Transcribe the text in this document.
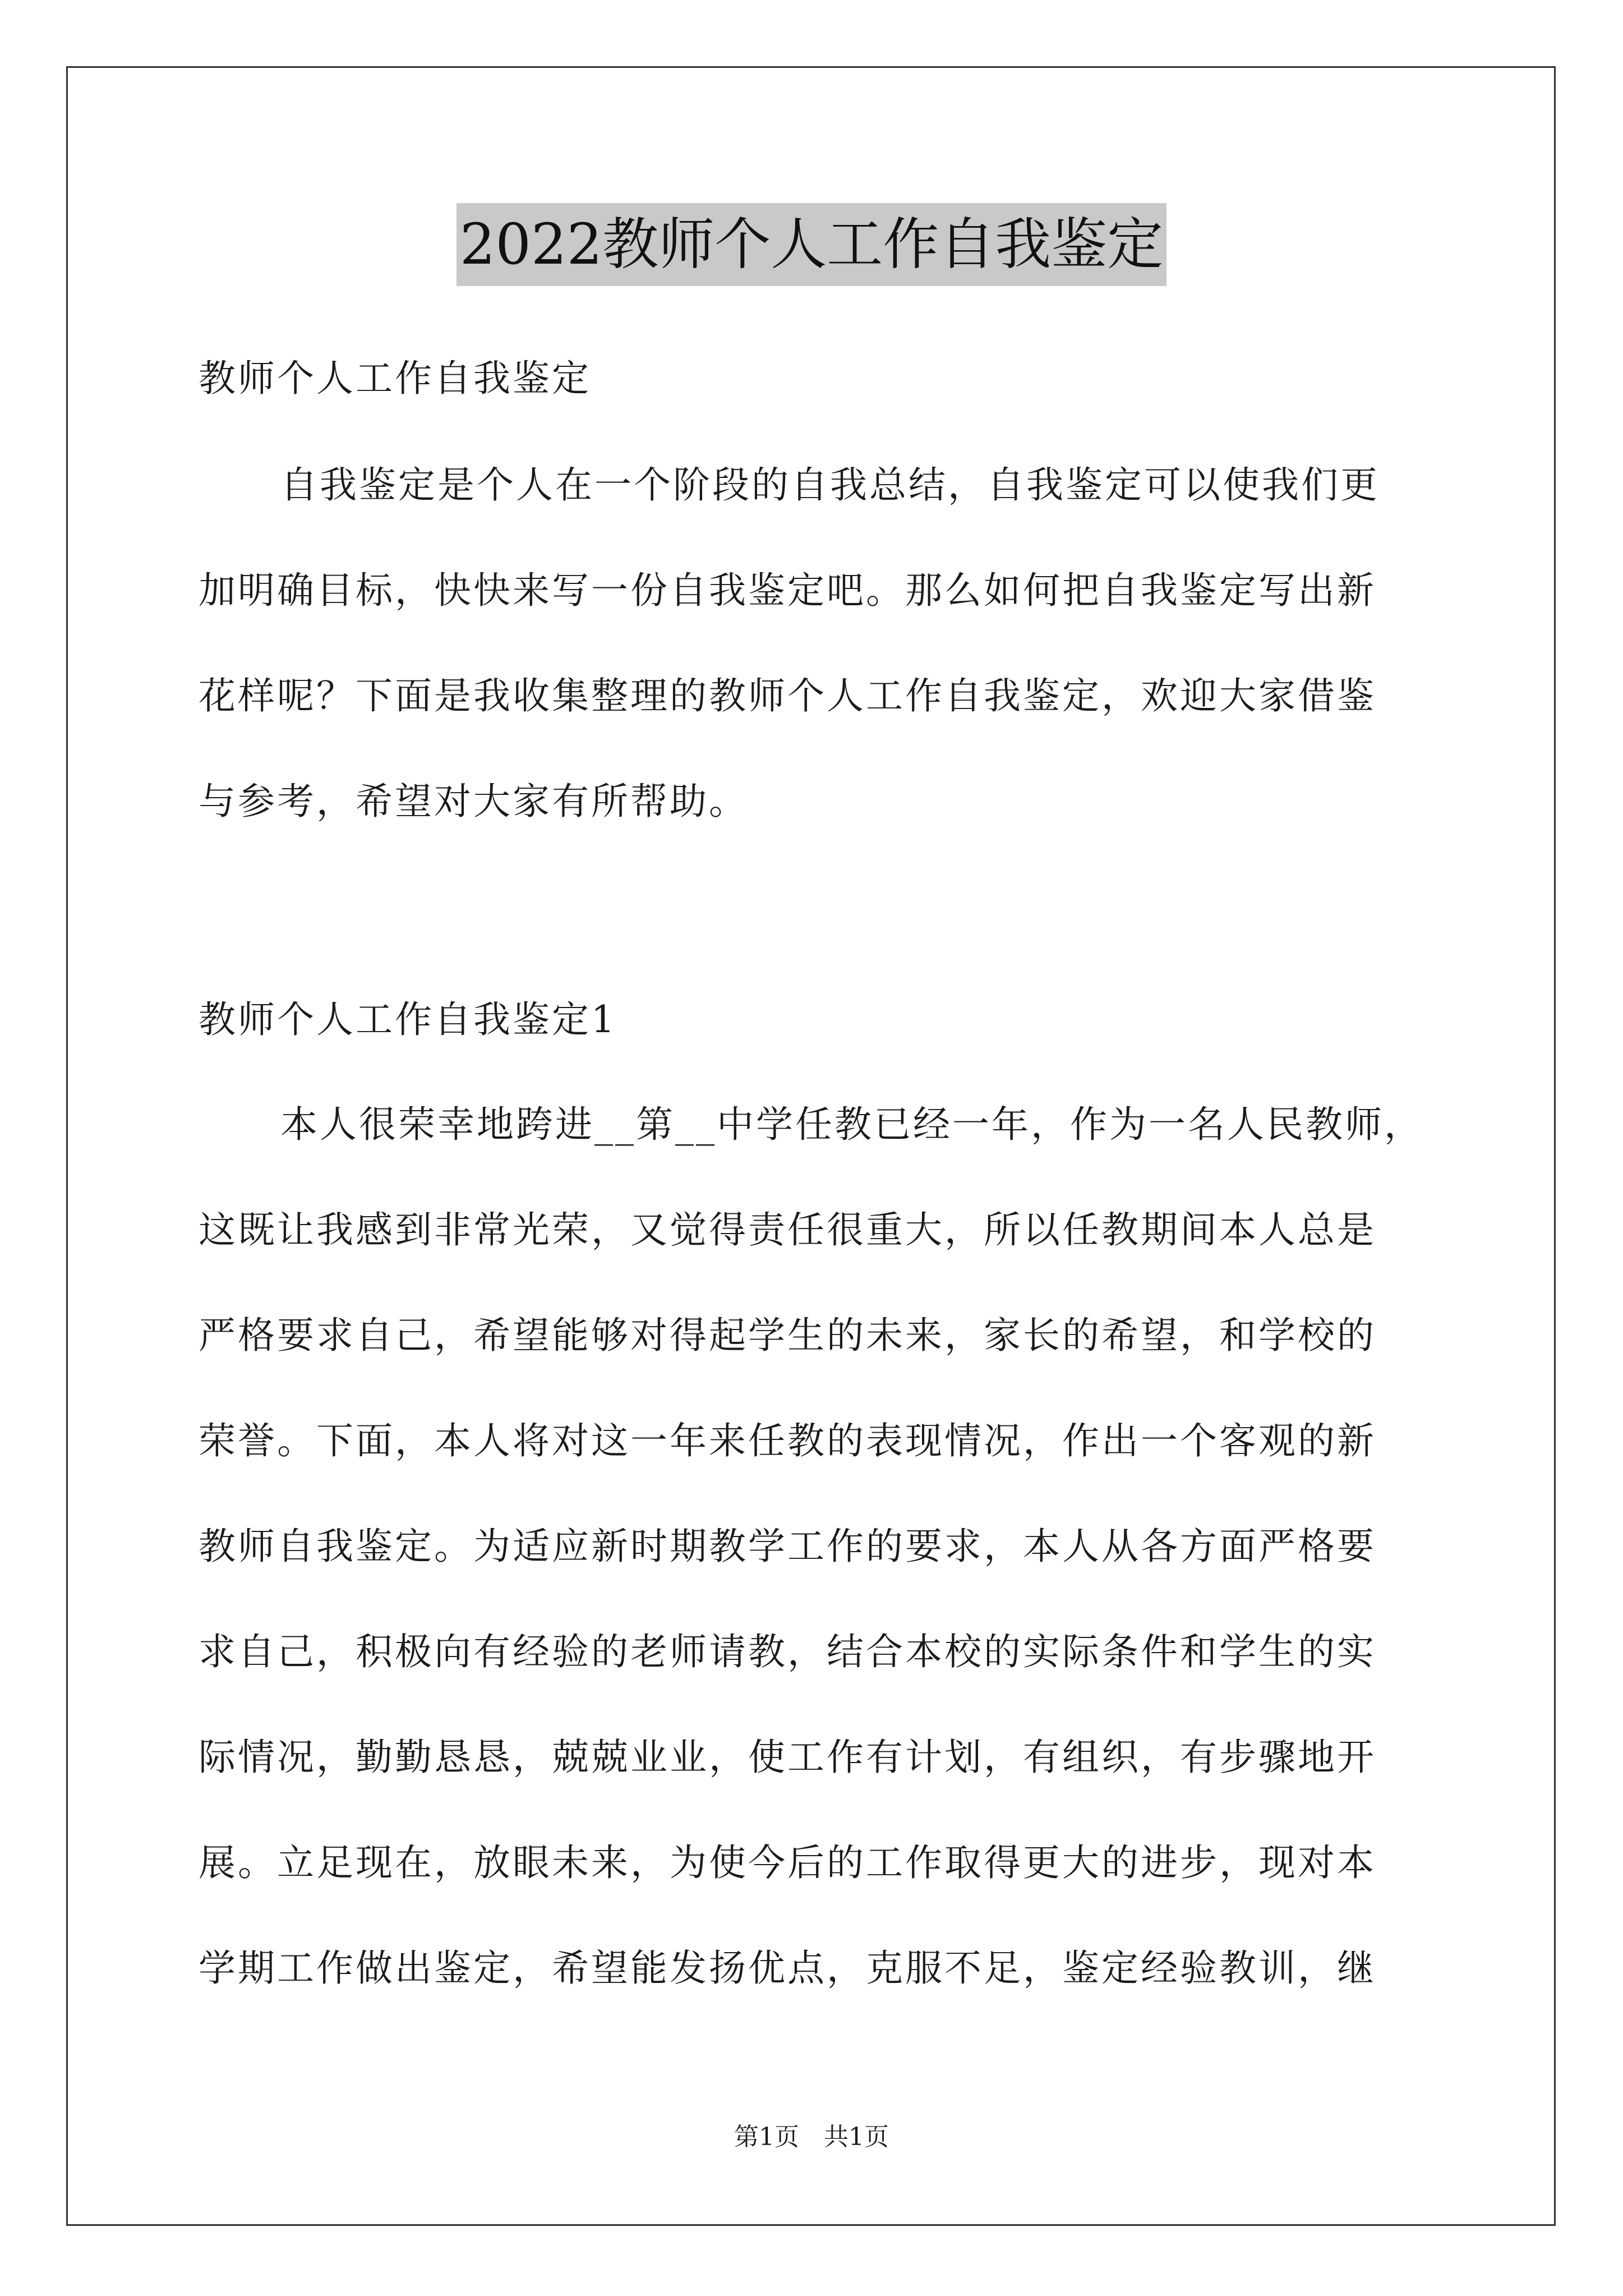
2022教师个人工作自我鉴定
教师个人工作自我鉴定
自我鉴定是个人在一个阶段的自我总结，自我鉴定可以使我们更
加明确目标，快快来写一份自我鉴定吧。那么如何把自我鉴定写出新
花样呢？下面是我收集整理的教师个人工作自我鉴定，欢迎大家借鉴
与参考，希望对大家有所帮助。
教师个人工作自我鉴定1
本人很荣幸地跨进__第__中学任教已经一年，作为一名人民教师，
这既让我感到非常光荣，又觉得责任很重大，所以任教期间本人总是
严格要求自己，希望能够对得起学生的未来，家长的希望，和学校的
荣誉。下面，本人将对这一年来任教的表现情况，作出一个客观的新
教师自我鉴定。为适应新时期教学工作的要求，本人从各方面严格要
求自己，积极向有经验的老师请教，结合本校的实际条件和学生的实
际情况，勤勤恳恳，兢兢业业，使工作有计划，有组织，有步骤地开
展。立足现在，放眼未来，为使今后的工作取得更大的进步，现对本
学期工作做出鉴定，希望能发扬优点，克服不足，鉴定经验教训，继
第1页　共1页
